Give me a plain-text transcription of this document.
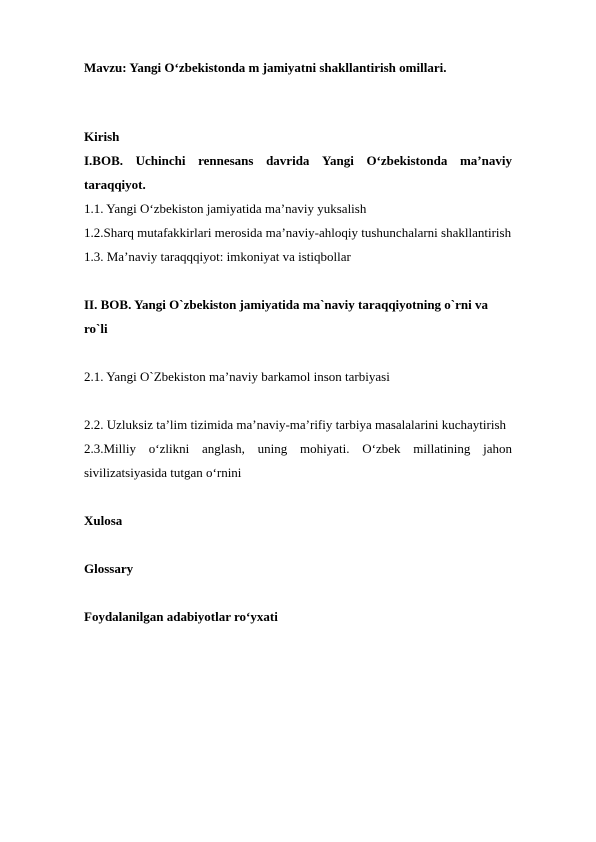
Mavzu: Yangi O‘zbekistonda m jamiyatni shakllantirish omillari.
Kirish
I.BOB. Uchinchi rennesans davrida Yangi O‘zbekistonda ma’naviy
taraqqiyot.
1.1. Yangi O‘zbekiston jamiyatida ma’naviy yuksalish
1.2.Sharq mutafakkirlari merosida ma’naviy-ahloqiy tushunchalarni shakllantirish
1.3. Ma’naviy taraqqqiyot: imkoniyat va istiqbollar
II. BOB. Yangi O`zbekiston jamiyatida ma`naviy taraqqiyotning o`rni va
ro`li
2.1. Yangi O`Zbekiston ma’naviy barkamol inson tarbiyasi
2.2. Uzluksiz ta’lim tizimida ma’naviy-ma’rifiy tarbiya masalalarini kuchaytirish
2.3.Milliy o‘zlikni anglash, uning mohiyati. O‘zbek millatining jahon
sivilizatsiyasida tutgan o‘rnini
Xulosa
Glossary
Foydalanilgan adabiyotlar ro‘yxati
